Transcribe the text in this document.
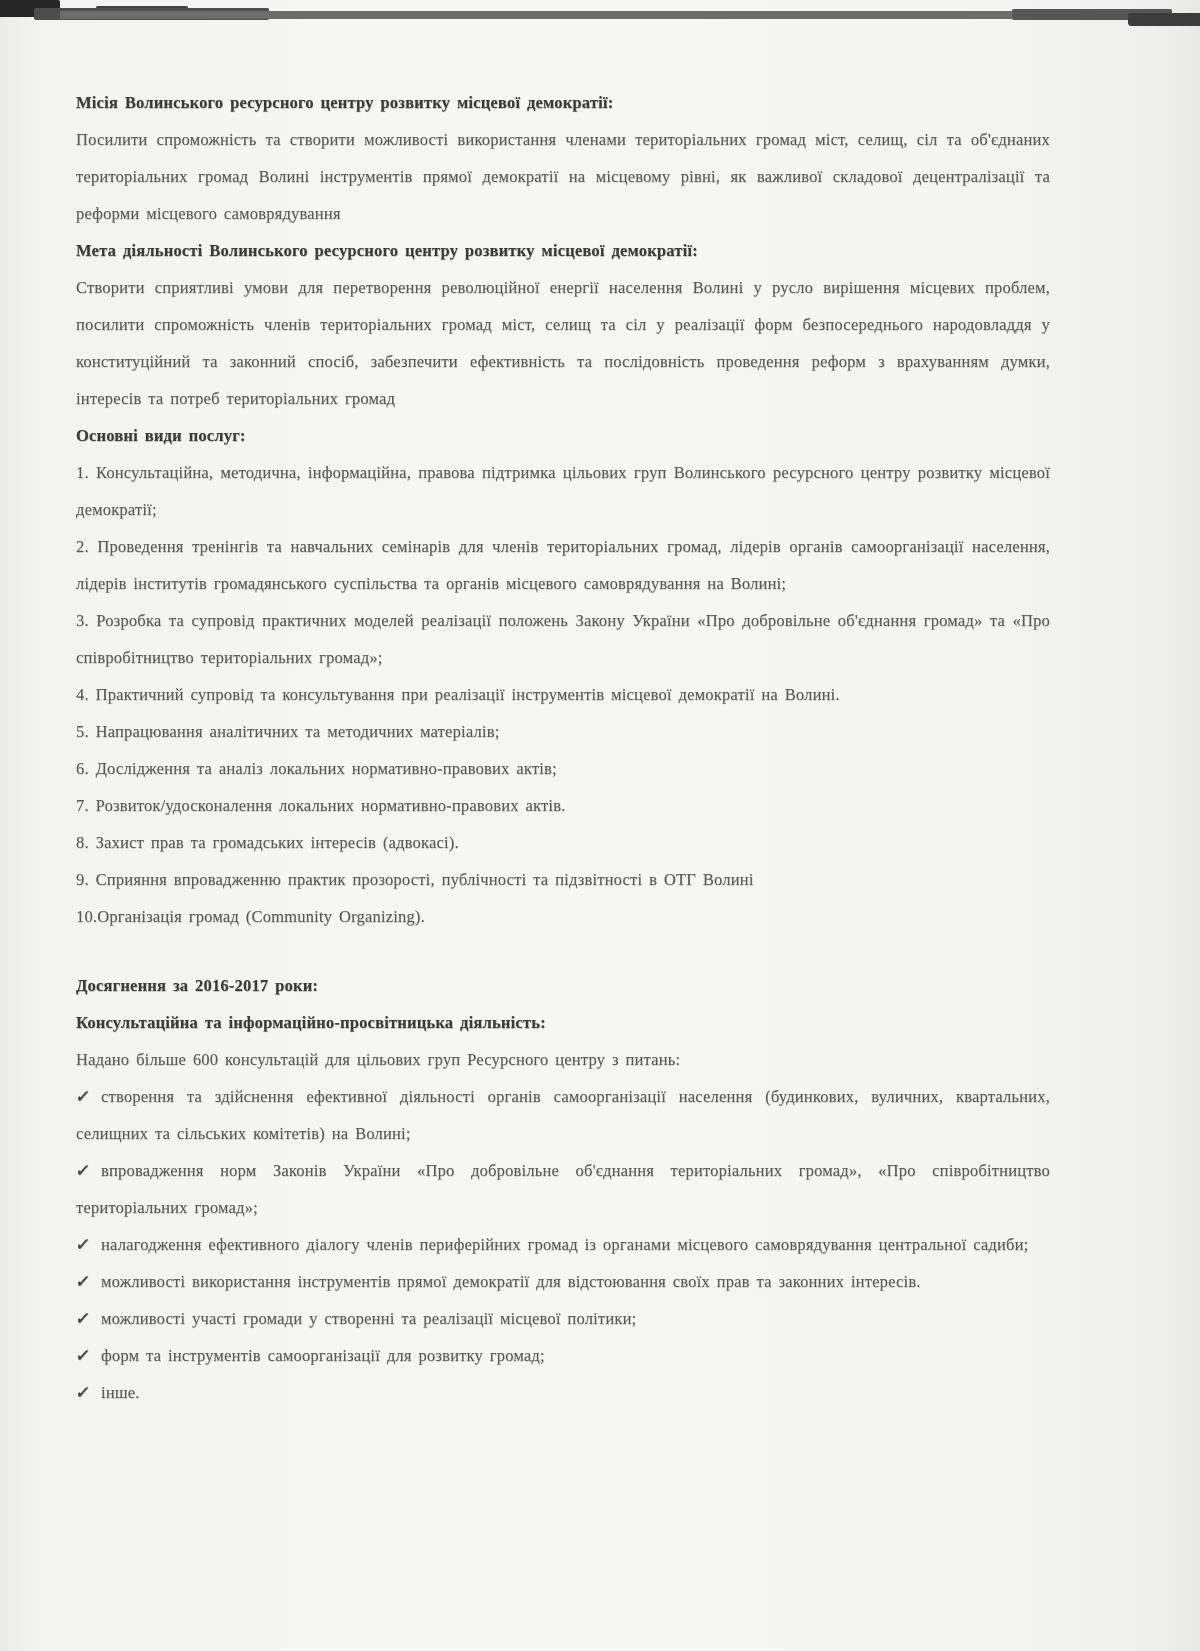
Місія Волинського ресурсного центру розвитку місцевої демократії:

Посилити спроможність та створити можливості використання членами територіальних громад міст, селищ, сіл та об'єднаних територіальних громад Волині інструментів прямої демократії на місцевому рівні, як важливої складової децентралізації та реформи місцевого самоврядування

Мета діяльності Волинського ресурсного центру розвитку місцевої демократії:

Створити сприятливі умови для перетворення революційної енергії населення Волині у русло вирішення місцевих проблем, посилити спроможність членів територіальних громад міст, селищ та сіл у реалізації форм безпосереднього народовладдя у конституційний та законний спосіб, забезпечити ефективність та послідовність проведення реформ з врахуванням думки, інтересів та потреб територіальних громад

Основні види послуг:

1. Консультаційна, методична, інформаційна, правова підтримка цільових груп Волинського ресурсного центру розвитку місцевої демократії;

2. Проведення тренінгів та навчальних семінарів для членів територіальних громад, лідерів органів самоорганізації населення, лідерів інститутів громадянського суспільства та органів місцевого самоврядування на Волині;

3. Розробка та супровід практичних моделей реалізації положень Закону України «Про добровільне об'єднання громад» та «Про співробітництво територіальних громад»;

4. Практичний супровід та консультування при реалізації інструментів місцевої демократії на Волині.

5. Напрацювання аналітичних та методичних матеріалів;

6. Дослідження та аналіз локальних нормативно-правових актів;

7. Розвиток/удосконалення локальних нормативно-правових актів.

8. Захист прав та громадських інтересів (адвокасі).

9. Сприяння впровадженню практик прозорості, публічності та підзвітності в ОТГ Волині

10.Організація громад (Community Organizing).

Досягнення за 2016-2017 роки:

Консультаційна та інформаційно-просвітницька діяльність:

Надано більше 600 консультацій для цільових груп Ресурсного центру з питань:

✓ створення та здійснення ефективної діяльності органів самоорганізації населення (будинкових, вуличних, квартальних, селищних та сільських комітетів) на Волині;

✓ впровадження норм Законів України «Про добровільне об'єднання територіальних громад», «Про співробітництво територіальних громад»;

✓ налагодження ефективного діалогу членів периферійних громад із органами місцевого самоврядування центральної садиби;

✓ можливості використання інструментів прямої демократії для відстоювання своїх прав та законних інтересів.

✓ можливості участі громади у створенні та реалізації місцевої політики;

✓ форм та інструментів самоорганізації для розвитку громад;

✓ інше.
